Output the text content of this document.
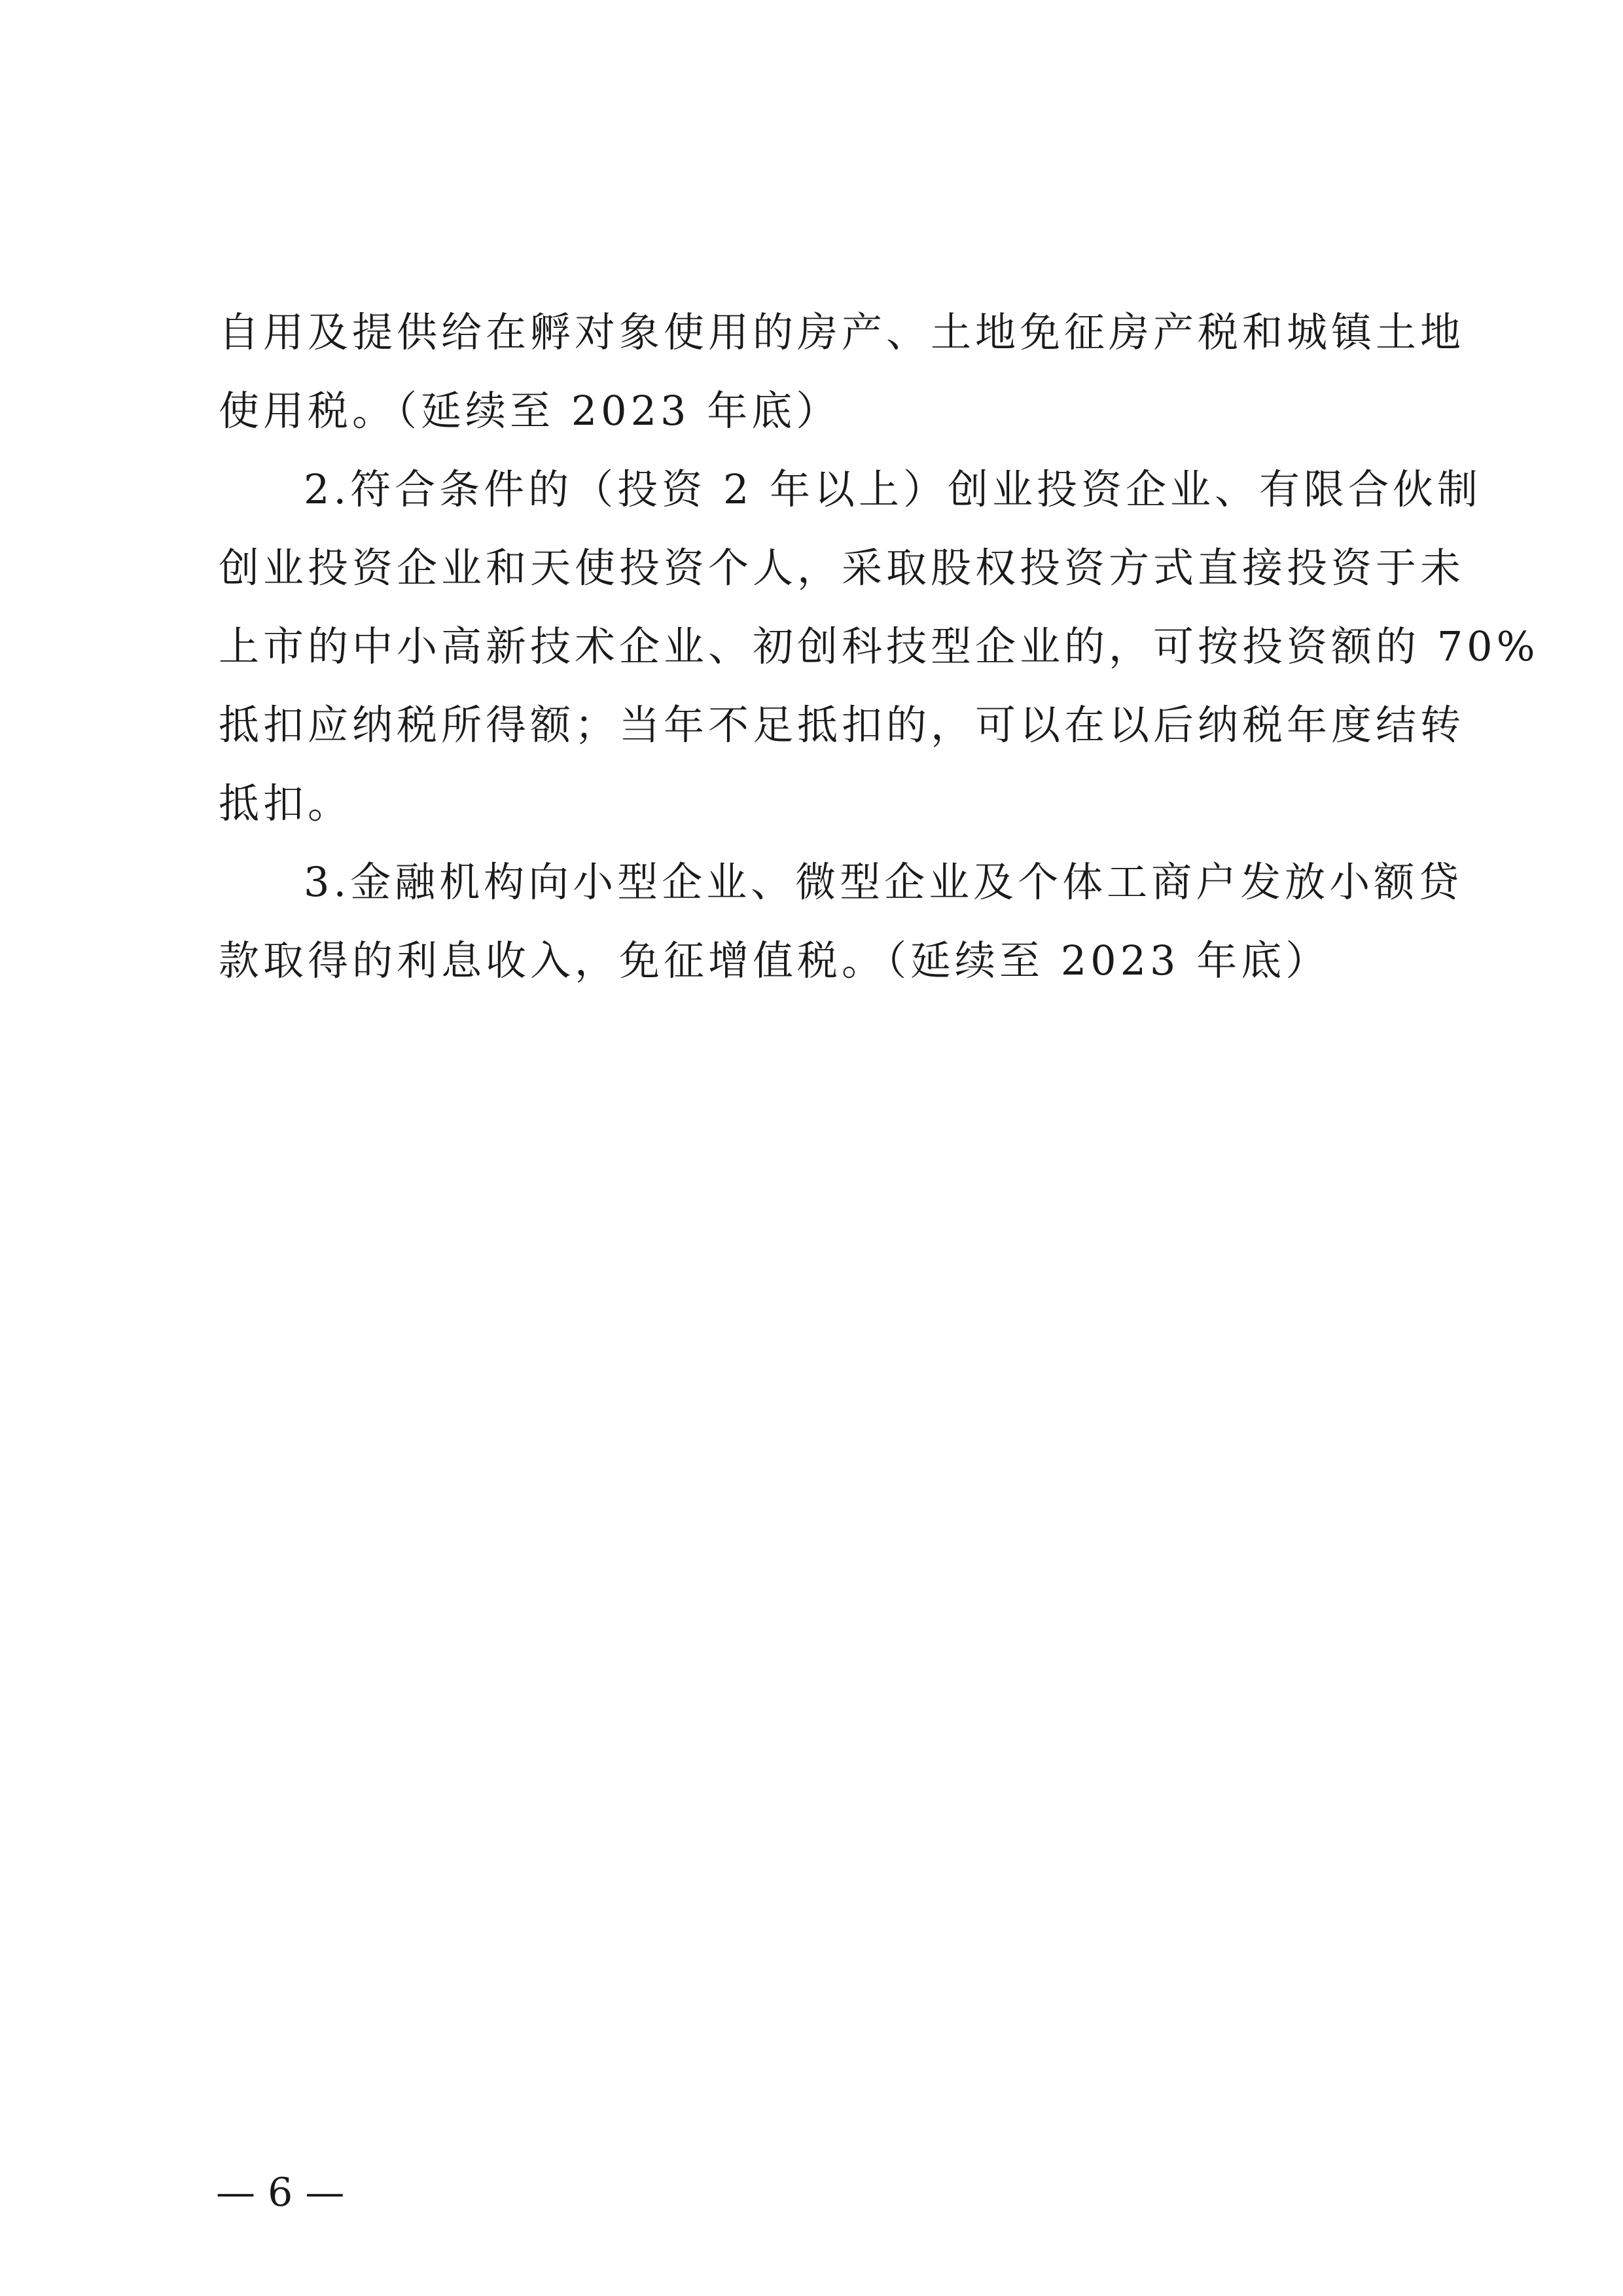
自用及提供给在孵对象使用的房产、土地免征房产税和城镇土地
使用税。（延续至 2023 年底）
2.符合条件的（投资 2 年以上）创业投资企业、有限合伙制
创业投资企业和天使投资个人，采取股权投资方式直接投资于未
上市的中小高新技术企业、初创科技型企业的，可按投资额的 70%
抵扣应纳税所得额；当年不足抵扣的，可以在以后纳税年度结转
抵扣。
3.金融机构向小型企业、微型企业及个体工商户发放小额贷
款取得的利息收入，免征增值税。（延续至 2023 年底）
— 6 —
